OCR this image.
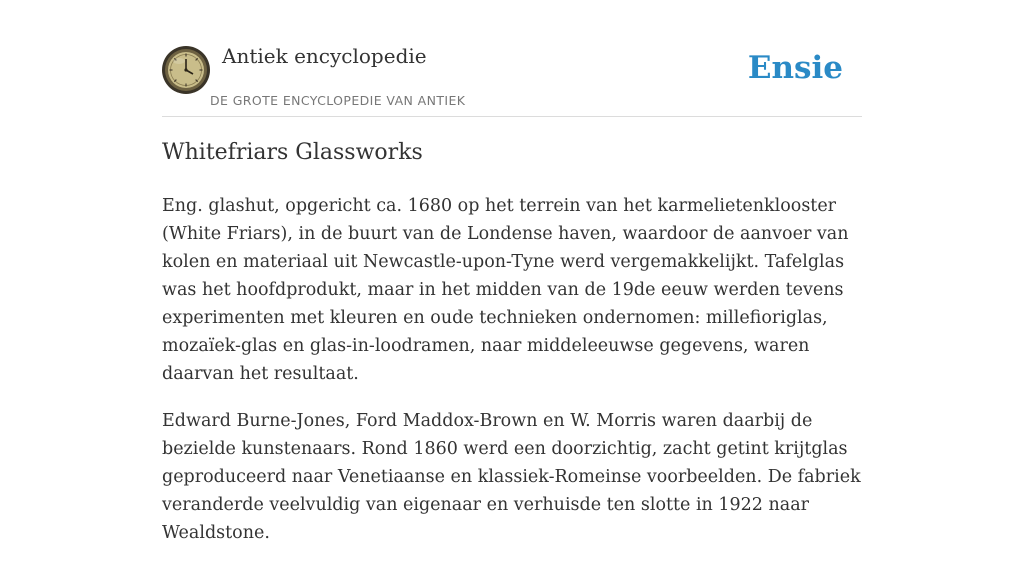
Antiek encyclopedie
DE GROTE ENCYCLOPEDIE VAN ANTIEK
Ensie
Whitefriars Glassworks

Eng. glashut, opgericht ca. 1680 op het terrein van het karmelietenklooster (White Friars), in de buurt van de Londense haven, waardoor de aanvoer van kolen en materiaal uit Newcastle-upon-Tyne werd vergemakkelijkt. Tafelglas was het hoofdprodukt, maar in het midden van de 19de eeuw werden tevens experimenten met kleuren en oude technieken ondernomen: millefioriglas, mozaïek-glas en glas-in-loodramen, naar middeleeuwse gegevens, waren daarvan het resultaat.

Edward Burne-Jones, Ford Maddox-Brown en W. Morris waren daarbij de bezielde kunstenaars. Rond 1860 werd een doorzichtig, zacht getint krijtglas geproduceerd naar Venetiaanse en klassiek-Romeinse voorbeelden. De fabriek veranderde veelvuldig van eigenaar en verhuisde ten slotte in 1922 naar Wealdstone.
